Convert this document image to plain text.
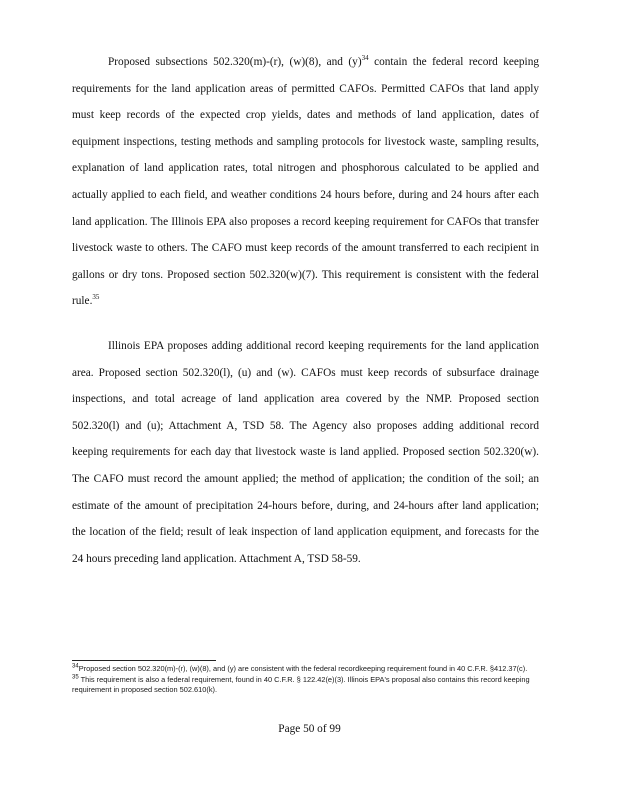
Proposed subsections 502.320(m)-(r), (w)(8), and $(y)^{34}$ contain the federal record keeping requirements for the land application areas of permitted CAFOs. Permitted CAFOs that land apply must keep records of the expected crop yields, dates and methods of land application, dates of equipment inspections, testing methods and sampling protocols for livestock waste, sampling results, explanation of land application rates, total nitrogen and phosphorous calculated to be applied and actually applied to each field, and weather conditions 24 hours before, during and 24 hours after each land application. The Illinois EPA also proposes a record keeping requirement for CAFOs that transfer livestock waste to others. The CAFO must keep records of the amount transferred to each recipient in gallons or dry tons. Proposed section 502.320(w)(7). This requirement is consistent with the federal rule.$^{35}$

Illinois EPA proposes adding additional record keeping requirements for the land application area. Proposed section 502.320(l), (u) and (w). CAFOs must keep records of subsurface drainage inspections, and total acreage of land application area covered by the NMP. Proposed section 502.320(l) and (u); Attachment A, TSD 58. The Agency also proposes adding additional record keeping requirements for each day that livestock waste is land applied. Proposed section 502.320(w). The CAFO must record the amount applied; the method of application; the condition of the soil; an estimate of the amount of precipitation 24-hours before, during, and 24-hours after land application; the location of the field; result of leak inspection of land application equipment, and forecasts for the 24 hours preceding land application. Attachment A, TSD 58-59.

$^{34}$Proposed section 502.320(m)-(r), (w)(8), and (y) are consistent with the federal recordkeeping requirement found in 40 C.F.R. §412.37(c).

$^{35}$ This requirement is also a federal requirement, found in 40 C.F.R. § 122.42(e)(3). Illinois EPA's proposal also contains this record keeping requirement in proposed section 502.610(k).

Page 50 of 99
